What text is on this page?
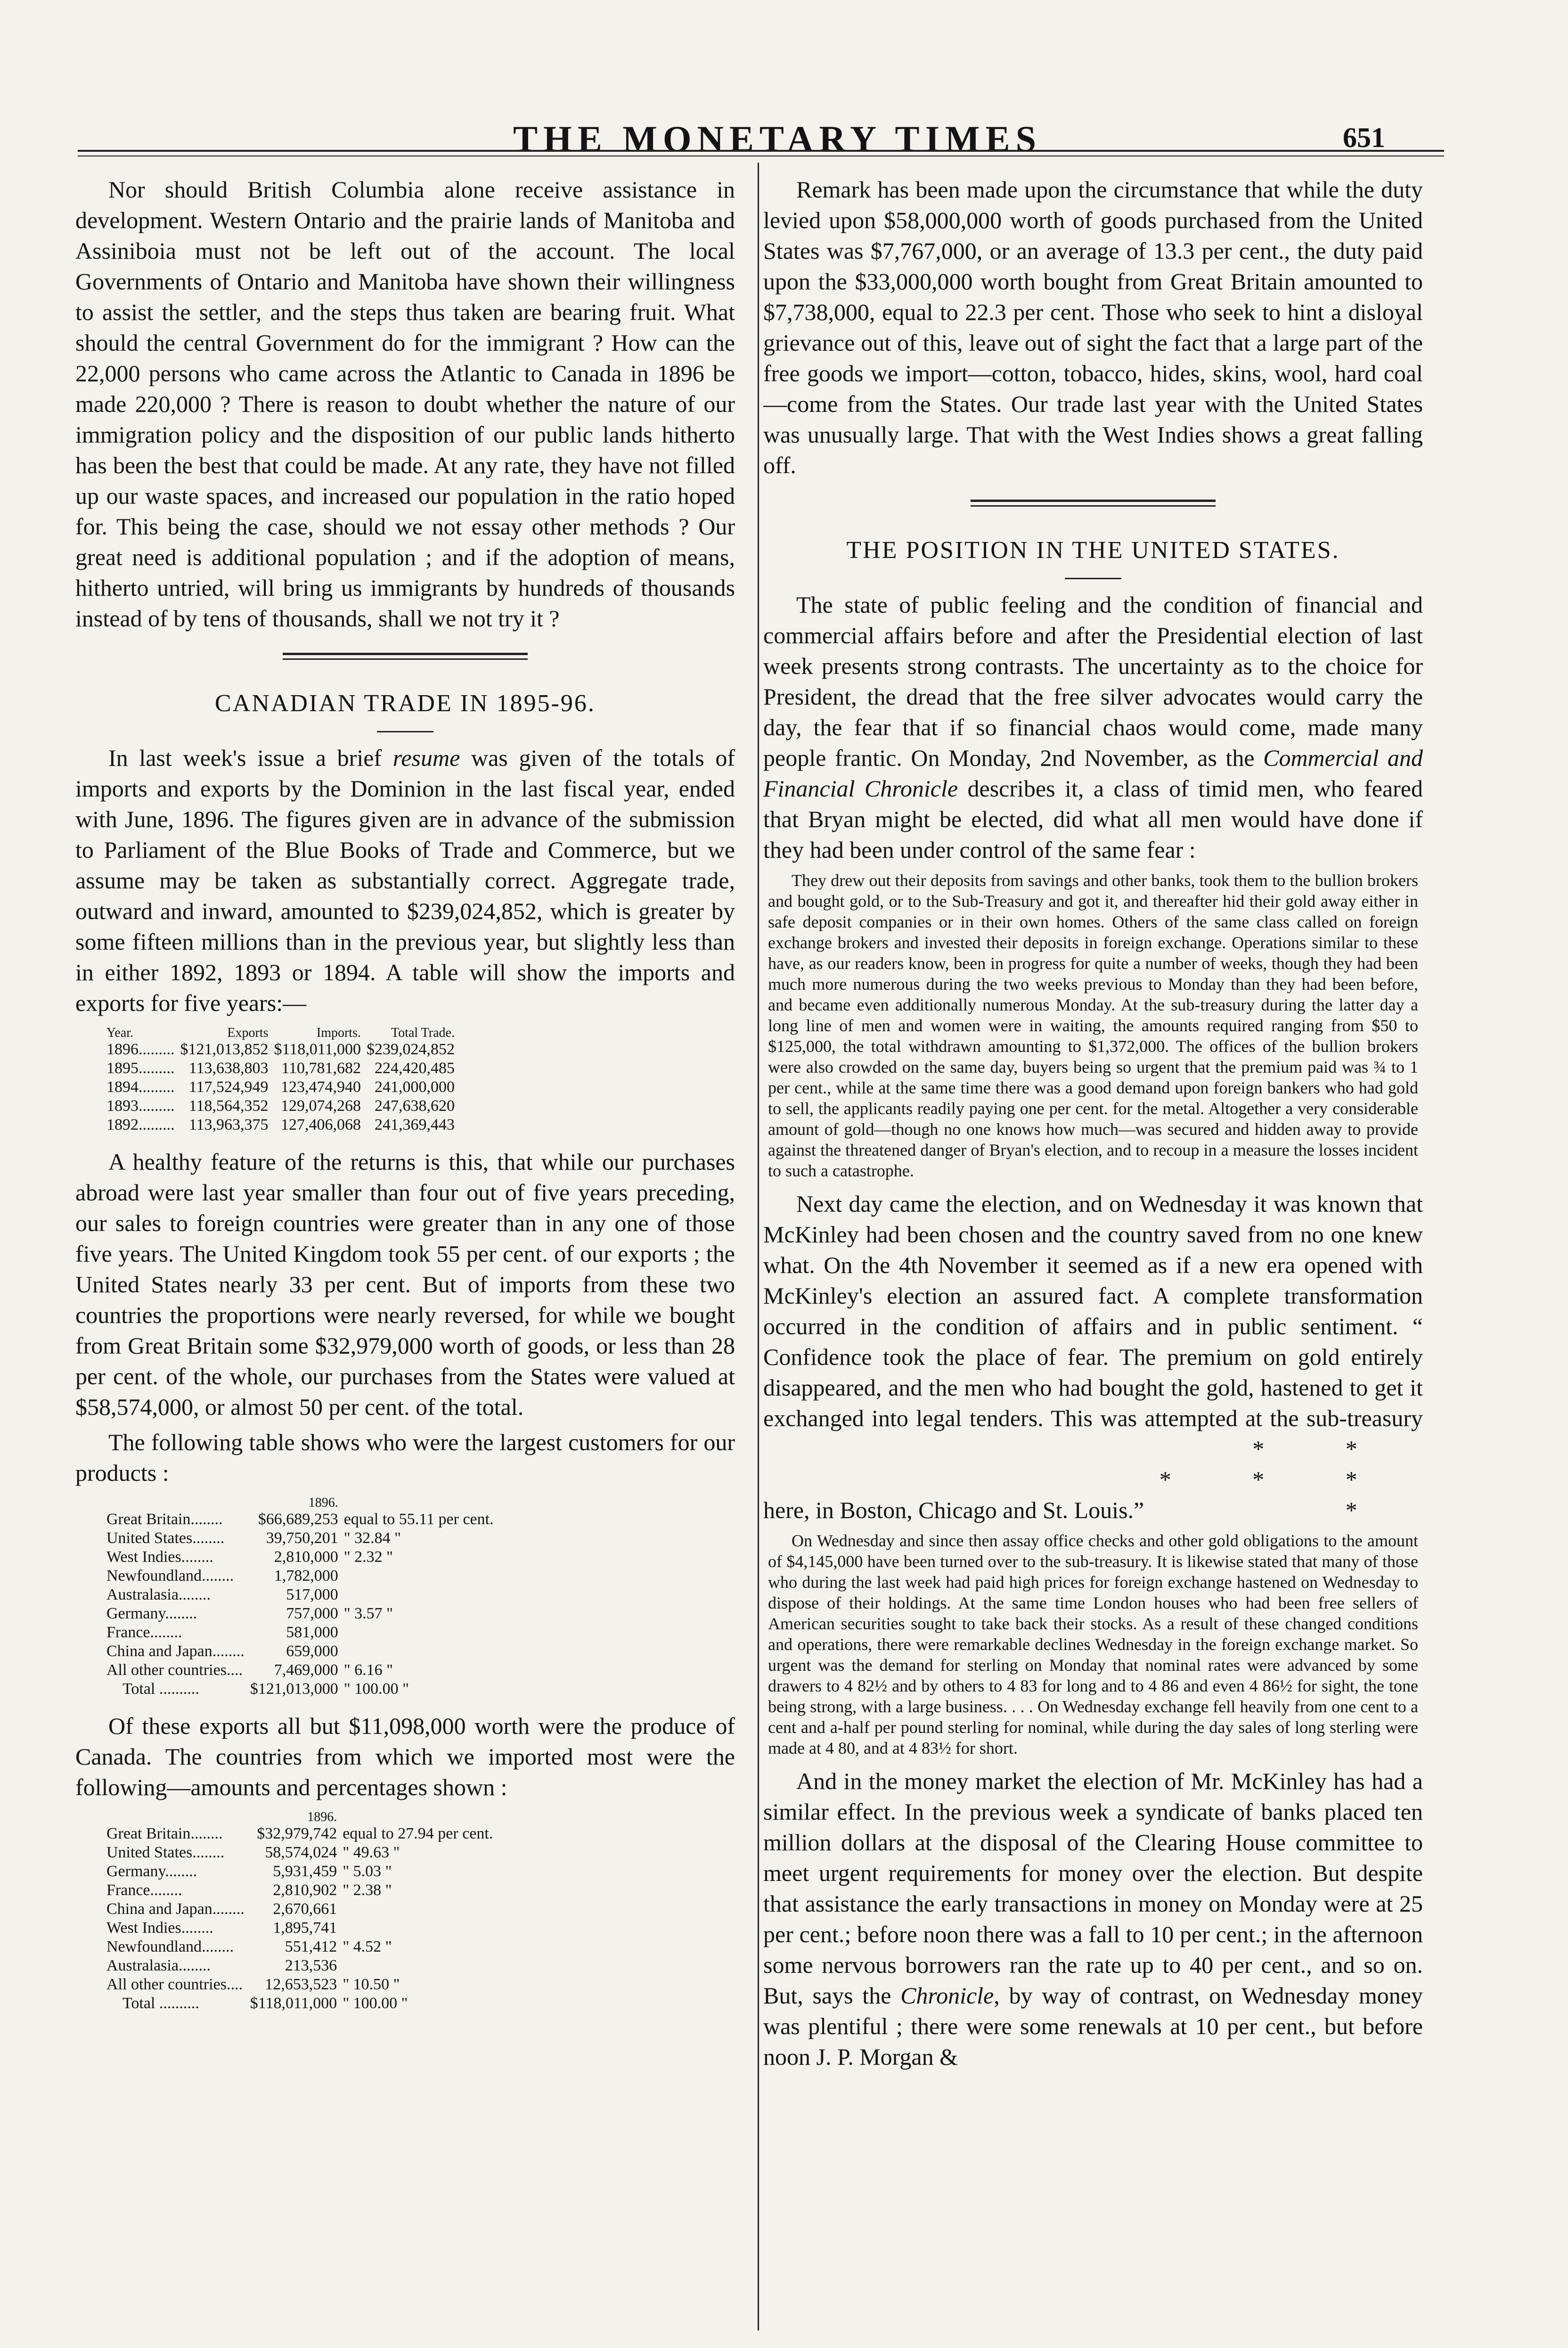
THE MONETARY TIMES	651

Nor should British Columbia alone receive assistance in development. Western Ontario and the prairie lands of Manitoba and Assiniboia must not be left out of the account. The local Governments of Ontario and Manitoba have shown their willingness to assist the settler, and the steps thus taken are bearing fruit. What should the central Government do for the immigrant ? How can the 22,000 persons who came across the Atlantic to Canada in 1896 be made 220,000 ? There is reason to doubt whether the nature of our immigration policy and the disposition of our public lands hitherto has been the best that could be made. At any rate, they have not filled up our waste spaces, and increased our population in the ratio hoped for. This being the case, should we not essay other methods ? Our great need is additional population ; and if the adoption of means, hitherto untried, will bring us immigrants by hundreds of thousands instead of by tens of thousands, shall we not try it ?

CANADIAN TRADE IN 1895-96.

In last week's issue a brief resume was given of the totals of imports and exports by the Dominion in the last fiscal year, ended with June, 1896. The figures given are in advance of the submission to Parliament of the Blue Books of Trade and Commerce, but we assume may be taken as substantially correct. Aggregate trade, outward and inward, amounted to $239,024,852, which is greater by some fifteen millions than in the previous year, but slightly less than in either 1892, 1893 or 1894. A table will show the imports and exports for five years:—

Year.	Exports	Imports.	Total Trade.
1896.........	$121,013,852	$118,011,000	$239,024,852
1895.........	113,638,803	110,781,682	224,420,485
1894.........	117,524,949	123,474,940	241,000,000
1893.........	118,564,352	129,074,268	247,638,620
1892.........	113,963,375	127,406,068	241,369,443

A healthy feature of the returns is this, that while our purchases abroad were last year smaller than four out of five years preceding, our sales to foreign countries were greater than in any one of those five years. The United Kingdom took 55 per cent. of our exports ; the United States nearly 33 per cent. But of imports from these two countries the proportions were nearly reversed, for while we bought from Great Britain some $32,979,000 worth of goods, or less than 28 per cent. of the whole, our purchases from the States were valued at $58,574,000, or almost 50 per cent. of the total.

The following table shows who were the largest customers for our products :

	1896.	
Great Britain........	$66,689,253	equal to 55.11 per cent.
United States........	39,750,201	" 32.84 "
West Indies........	2,810,000	" 2.32 "
Newfoundland........	1,782,000	
Australasia........	517,000	
Germany........	757,000	" 3.57 "
France........	581,000	
China and Japan........	659,000	
All other countries....	7,469,000	" 6.16 "
Total ..........	$121,013,000	" 100.00 "

Of these exports all but $11,098,000 worth were the produce of Canada. The countries from which we imported most were the following—amounts and percentages shown :

	1896.	
Great Britain........	$32,979,742	equal to 27.94 per cent.
United States........	58,574,024	" 49.63 "
Germany........	5,931,459	" 5.03 "
France........	2,810,902	" 2.38 "
China and Japan........	2,670,661	
West Indies........	1,895,741	
Newfoundland........	551,412	" 4.52 "
Australasia........	213,536	
All other countries....	12,653,523	" 10.50 "
Total ..........	$118,011,000	" 100.00 "

Remark has been made upon the circumstance that while the duty levied upon $58,000,000 worth of goods purchased from the United States was $7,767,000, or an average of 13.3 per cent., the duty paid upon the $33,000,000 worth bought from Great Britain amounted to $7,738,000, equal to 22.3 per cent. Those who seek to hint a disloyal grievance out of this, leave out of sight the fact that a large part of the free goods we import—cotton, tobacco, hides, skins, wool, hard coal—come from the States. Our trade last year with the United States was unusually large. That with the West Indies shows a great falling off.

THE POSITION IN THE UNITED STATES.

The state of public feeling and the condition of financial and commercial affairs before and after the Presidential election of last week presents strong contrasts. The uncertainty as to the choice for President, the dread that the free silver advocates would carry the day, the fear that if so financial chaos would come, made many people frantic. On Monday, 2nd November, as the Commercial and Financial Chronicle describes it, a class of timid men, who feared that Bryan might be elected, did what all men would have done if they had been under control of the same fear :

They drew out their deposits from savings and other banks, took them to the bullion brokers and bought gold, or to the Sub-Treasury and got it, and thereafter hid their gold away either in safe deposit companies or in their own homes. Others of the same class called on foreign exchange brokers and invested their deposits in foreign exchange. Operations similar to these have, as our readers know, been in progress for quite a number of weeks, though they had been much more numerous during the two weeks previous to Monday than they had been before, and became even additionally numerous Monday. At the sub-treasury during the latter day a long line of men and women were in waiting, the amounts required ranging from $50 to $125,000, the total withdrawn amounting to $1,372,000. The offices of the bullion brokers were also crowded on the same day, buyers being so urgent that the premium paid was ¾ to 1 per cent., while at the same time there was a good demand upon foreign bankers who had gold to sell, the applicants readily paying one per cent. for the metal. Altogether a very considerable amount of gold—though no one knows how much—was secured and hidden away to provide against the threatened danger of Bryan's election, and to recoup in a measure the losses incident to such a catastrophe.

Next day came the election, and on Wednesday it was known that McKinley had been chosen and the country saved from no one knew what. On the 4th November it seemed as if a new era opened with McKinley's election an assured fact. A complete transformation occurred in the condition of affairs and in public sentiment. “ Confidence took the place of fear. The premium on gold entirely disappeared, and the men who had bought the gold, hastened to get it exchanged into legal tenders. This was attempted at the sub-treasury here, in Boston, Chicago and St. Louis.” * * * * * *

On Wednesday and since then assay office checks and other gold obligations to the amount of $4,145,000 have been turned over to the sub-treasury. It is likewise stated that many of those who during the last week had paid high prices for foreign exchange hastened on Wednesday to dispose of their holdings. At the same time London houses who had been free sellers of American securities sought to take back their stocks. As a result of these changed conditions and operations, there were remarkable declines Wednesday in the foreign exchange market. So urgent was the demand for sterling on Monday that nominal rates were advanced by some drawers to 4 82½ and by others to 4 83 for long and to 4 86 and even 4 86½ for sight, the tone being strong, with a large business. . . . On Wednesday exchange fell heavily from one cent to a cent and a-half per pound sterling for nominal, while during the day sales of long sterling were made at 4 80, and at 4 83½ for short.

And in the money market the election of Mr. McKinley has had a similar effect. In the previous week a syndicate of banks placed ten million dollars at the disposal of the Clearing House committee to meet urgent requirements for money over the election. But despite that assistance the early transactions in money on Monday were at 25 per cent.; before noon there was a fall to 10 per cent.; in the afternoon some nervous borrowers ran the rate up to 40 per cent., and so on. But, says the Chronicle, by way of contrast, on Wednesday money was plentiful ; there were some renewals at 10 per cent., but before noon J. P. Morgan &
